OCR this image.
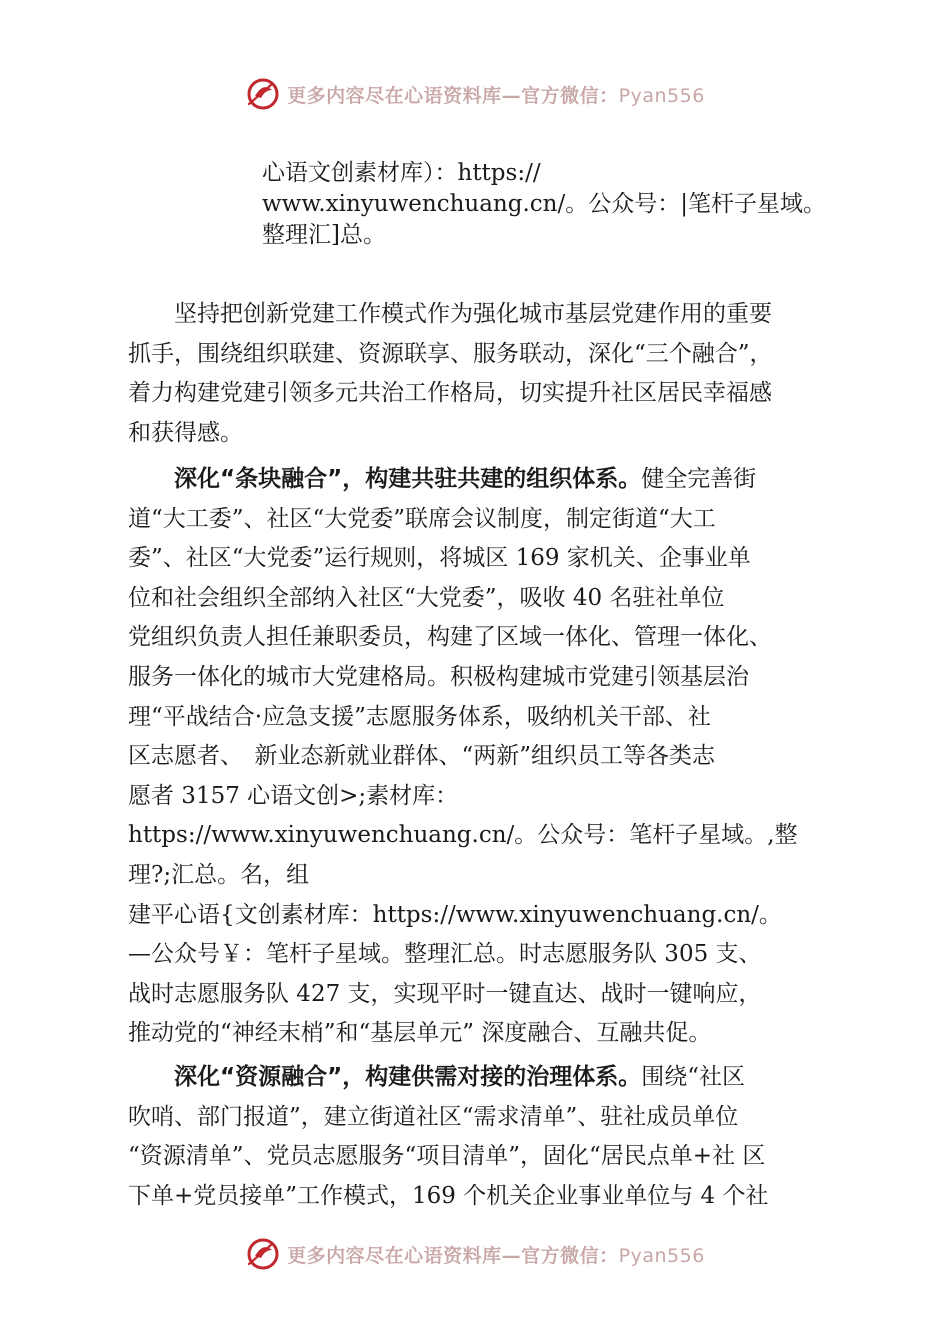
更多内容尽在心语资料库—官方微信：Pyan556
心语文创素材库）：https://
www.xinyuwenchuang.cn/。公众号：|笔杆子星域。
整理汇]总。

　　坚持把创新党建工作模式作为强化城市基层党建作用的重要
抓手，围绕组织联建、资源联享、服务联动，深化“三个融合”，
着力构建党建引领多元共治工作格局，切实提升社区居民幸福感
和获得感。

　　深化“条块融合”，构建共驻共建的组织体系。健全完善街
道“大工委”、社区“大党委”联席会议制度，制定街道“大工
委”、社区“大党委”运行规则，将城区 169 家机关、企事业单
位和社会组织全部纳入社区“大党委”，吸收 40 名驻社单位
党组织负责人担任兼职委员，构建了区域一体化、管理一体化、
服务一体化的城市大党建格局。积极构建城市党建引领基层治
理“平战结合·应急支援”志愿服务体系，吸纳机关干部、社
区志愿者、　新业态新就业群体、“两新”组织员工等各类志
愿者 3157 心语文创>;素材库：
https://www.xinyuwenchuang.cn/。公众号：笔杆子星域。,整
理?;汇总。名，组
建平心语{文创素材库：https://www.xinyuwenchuang.cn/。
—公众号￥：笔杆子星域。整理汇总。时志愿服务队 305 支、
战时志愿服务队 427 支，实现平时一键直达、战时一键响应，
推动党的“神经末梢”和“基层单元” 深度融合、互融共促。

　　深化“资源融合”，构建供需对接的治理体系。围绕“社区
吹哨、部门报道”，建立街道社区“需求清单”、驻社成员单位
“资源清单”、党员志愿服务“项目清单”，固化“居民点单+社 区
下单+党员接单”工作模式，169 个机关企业事业单位与 4 个社

更多内容尽在心语资料库—官方微信：Pyan556
